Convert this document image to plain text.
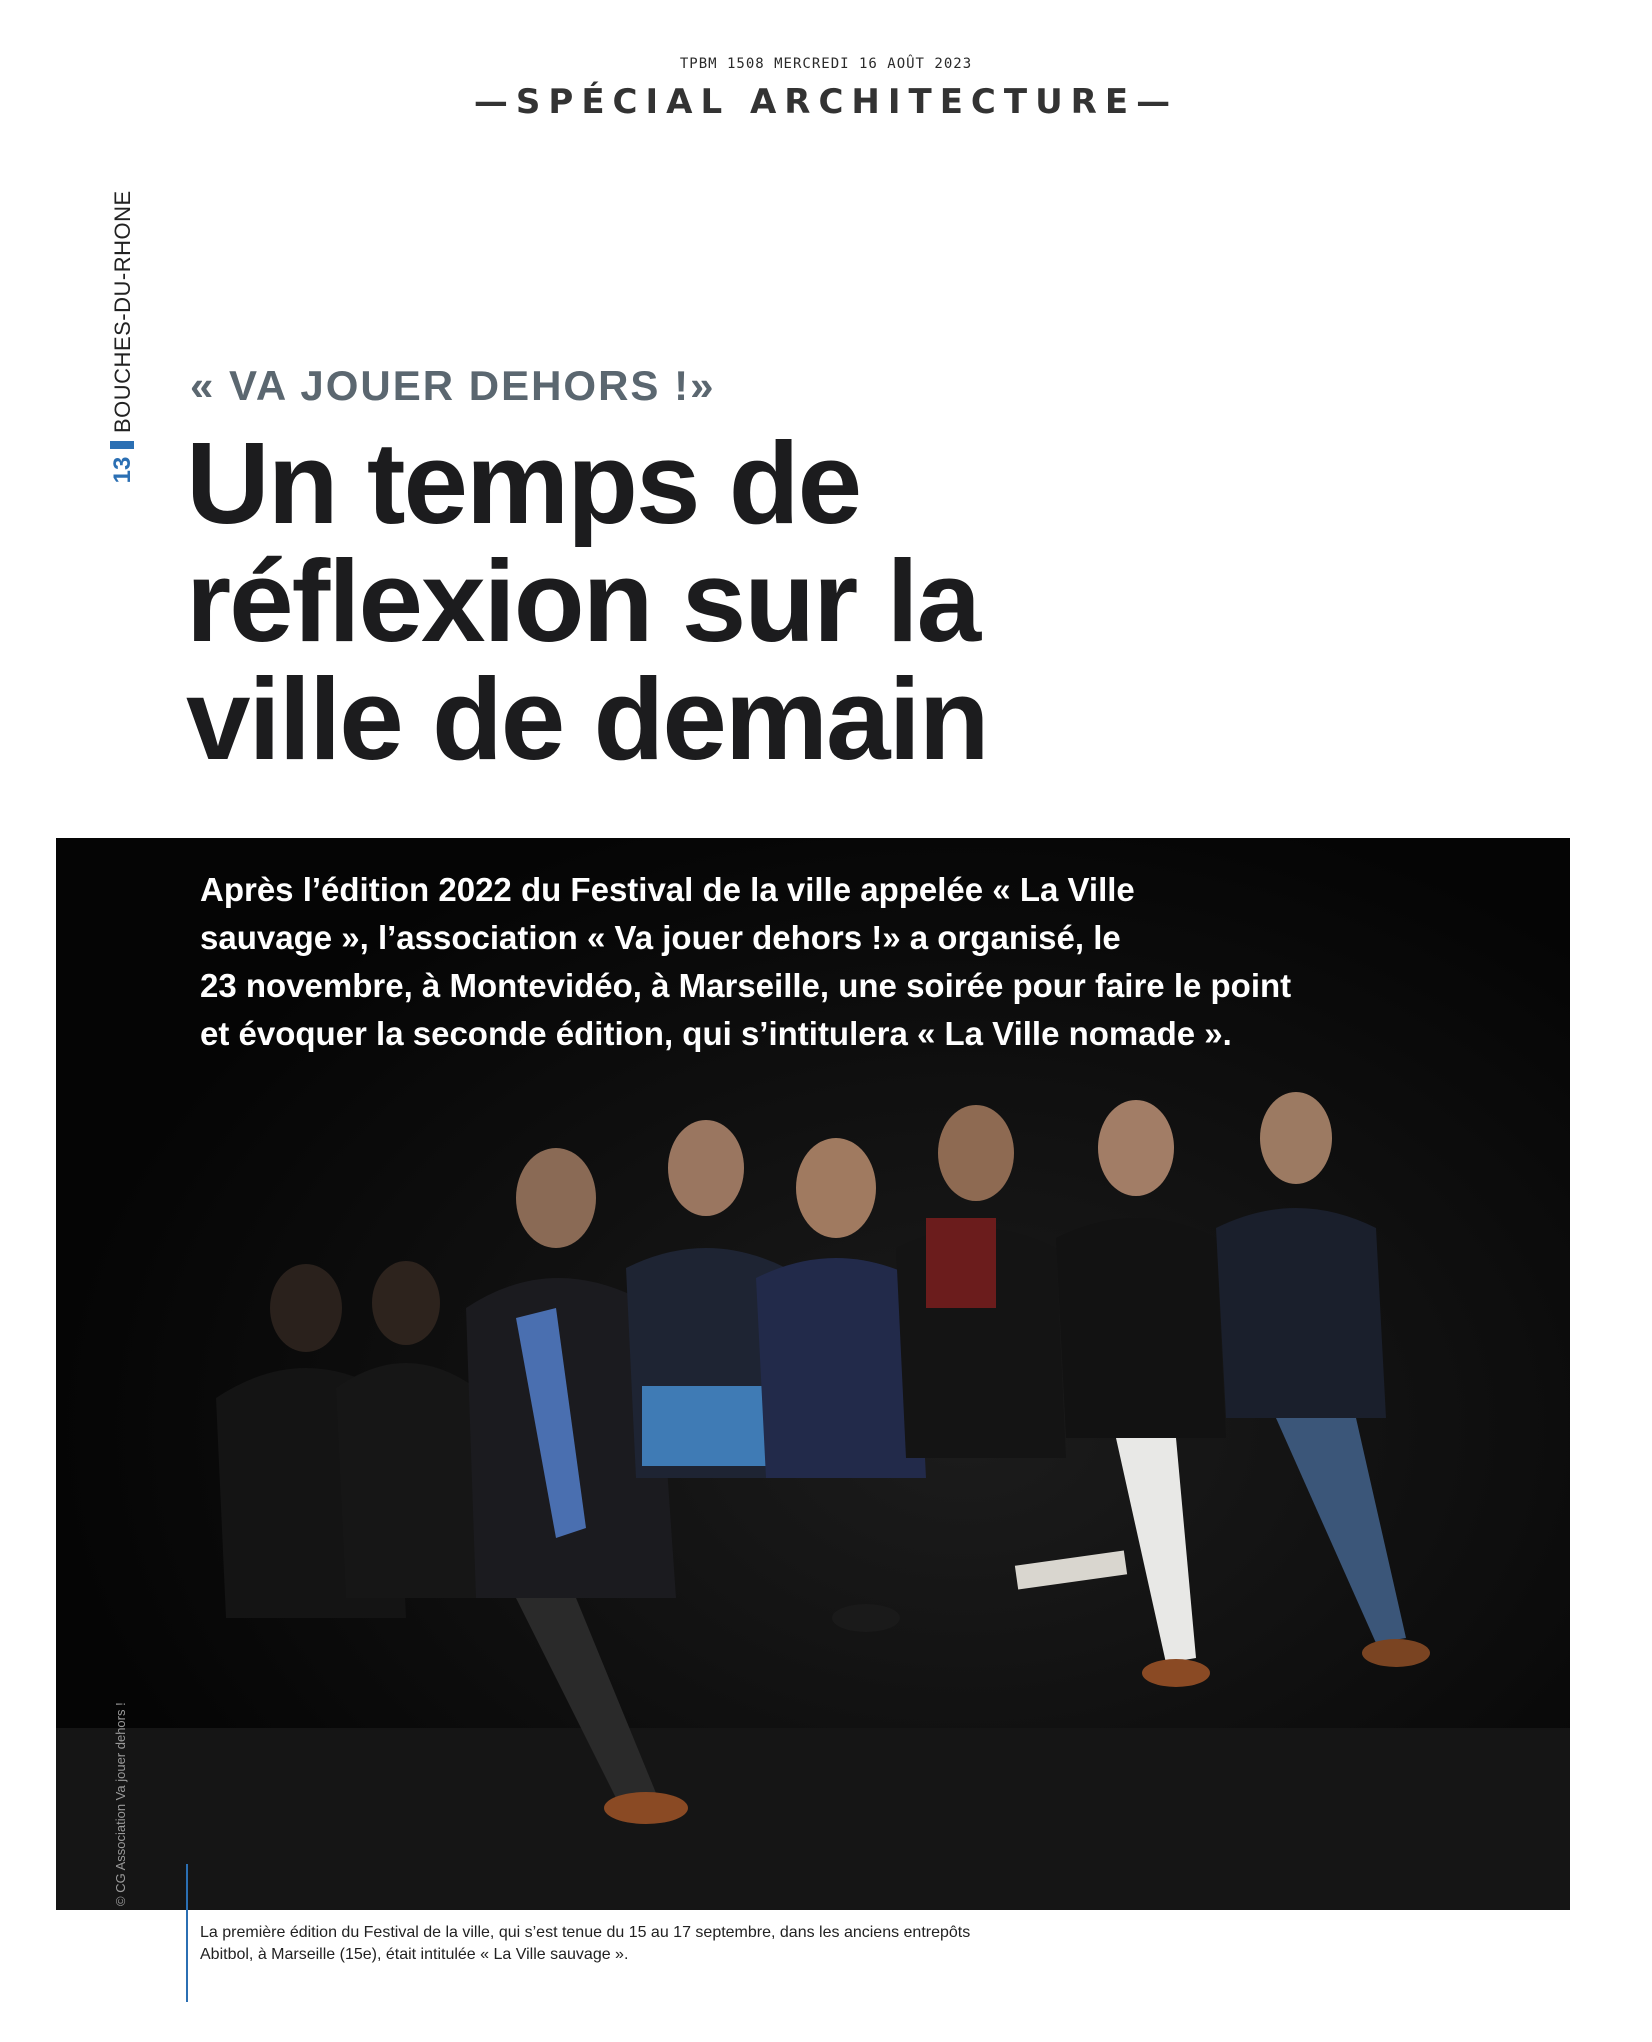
TPBM 1508 MERCREDI 16 AOÛT 2023
—SPÉCIAL ARCHITECTURE—
BOUCHES-DU-RHONE
13
« VA JOUER DEHORS !»
Un temps de
réflexion sur la
ville de demain

Après l’édition 2022 du Festival de la ville appelée « La Ville
sauvage », l’association « Va jouer dehors !» a organisé, le
23 novembre, à Montevidéo, à Marseille, une soirée pour faire le point
et évoquer la seconde édition, qui s’intitulera « La Ville nomade ».

© CG Association Va jouer dehors !

La première édition du Festival de la ville, qui s’est tenue du 15 au 17 septembre, dans les anciens entrepôts
Abitbol, à Marseille (15e), était intitulée « La Ville sauvage ».
